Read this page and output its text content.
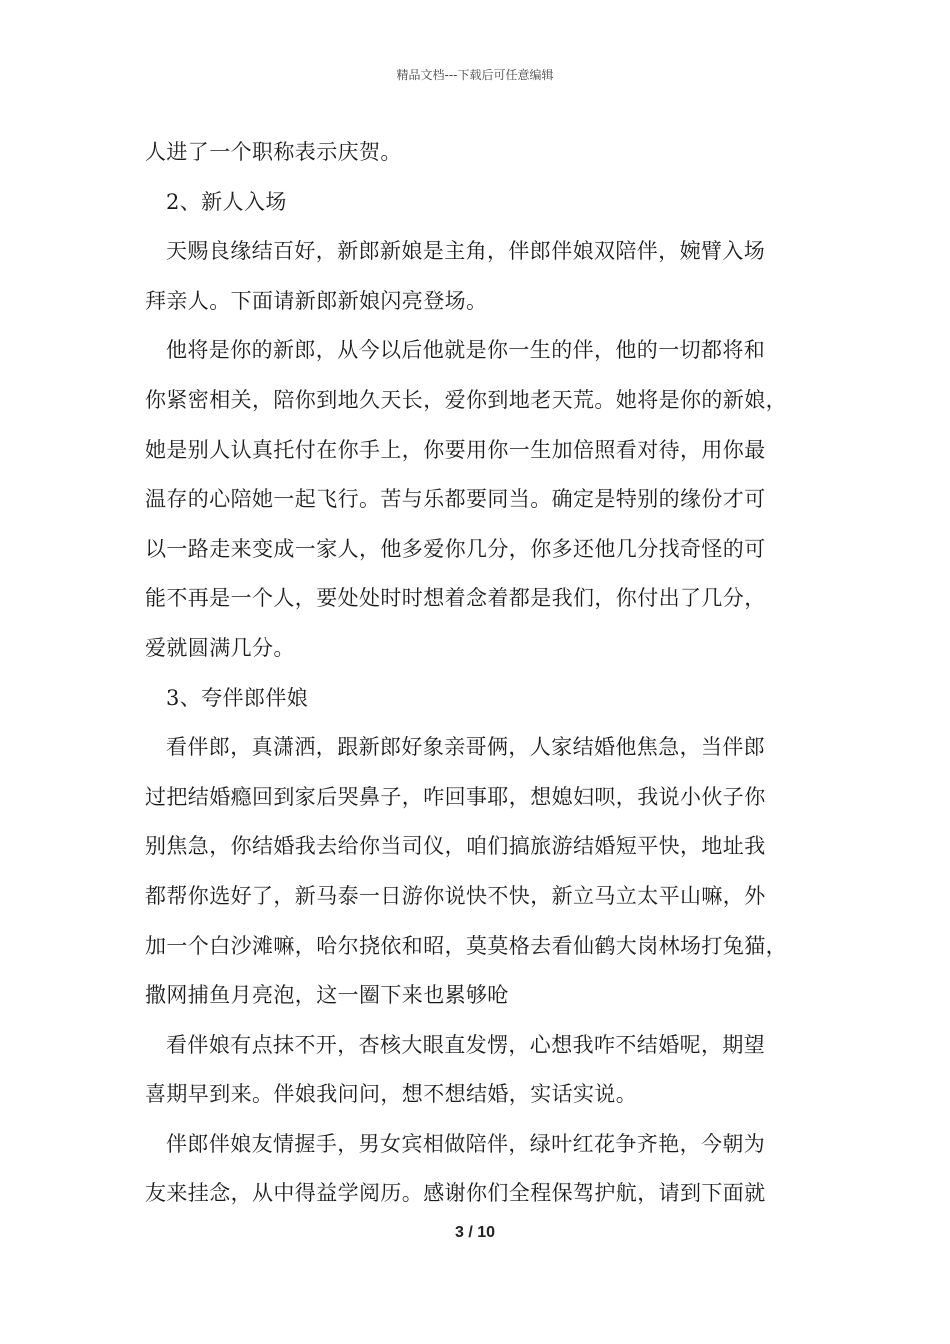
精品文档---下载后可任意编辑
人进了一个职称表示庆贺。
2、新人入场
天赐良缘结百好，新郎新娘是主角，伴郎伴娘双陪伴，婉臂入场
拜亲人。下面请新郎新娘闪亮登场。
他将是你的新郎，从今以后他就是你一生的伴，他的一切都将和
你紧密相关，陪你到地久天长，爱你到地老天荒。她将是你的新娘，
她是别人认真托付在你手上，你要用你一生加倍照看对待，用你最
温存的心陪她一起飞行。苦与乐都要同当。确定是特别的缘份才可
以一路走来变成一家人，他多爱你几分，你多还他几分找奇怪的可
能不再是一个人，要处处时时想着念着都是我们，你付出了几分，
爱就圆满几分。
3、夸伴郎伴娘
看伴郎，真潇洒，跟新郎好象亲哥俩，人家结婚他焦急，当伴郎
过把结婚瘾回到家后哭鼻子，咋回事耶，想媳妇呗，我说小伙子你
别焦急，你结婚我去给你当司仪，咱们搞旅游结婚短平快，地址我
都帮你选好了，新马泰一日游你说快不快，新立马立太平山嘛，外
加一个白沙滩嘛，哈尔挠依和昭，莫莫格去看仙鹤大岗林场打兔猫，
撒网捕鱼月亮泡，这一圈下来也累够呛
看伴娘有点抹不开，杏核大眼直发愣，心想我咋不结婚呢，期望
喜期早到来。伴娘我问问，想不想结婚，实话实说。
伴郎伴娘友情握手，男女宾相做陪伴，绿叶红花争齐艳，今朝为
友来挂念，从中得益学阅历。感谢你们全程保驾护航，请到下面就
3 / 10
